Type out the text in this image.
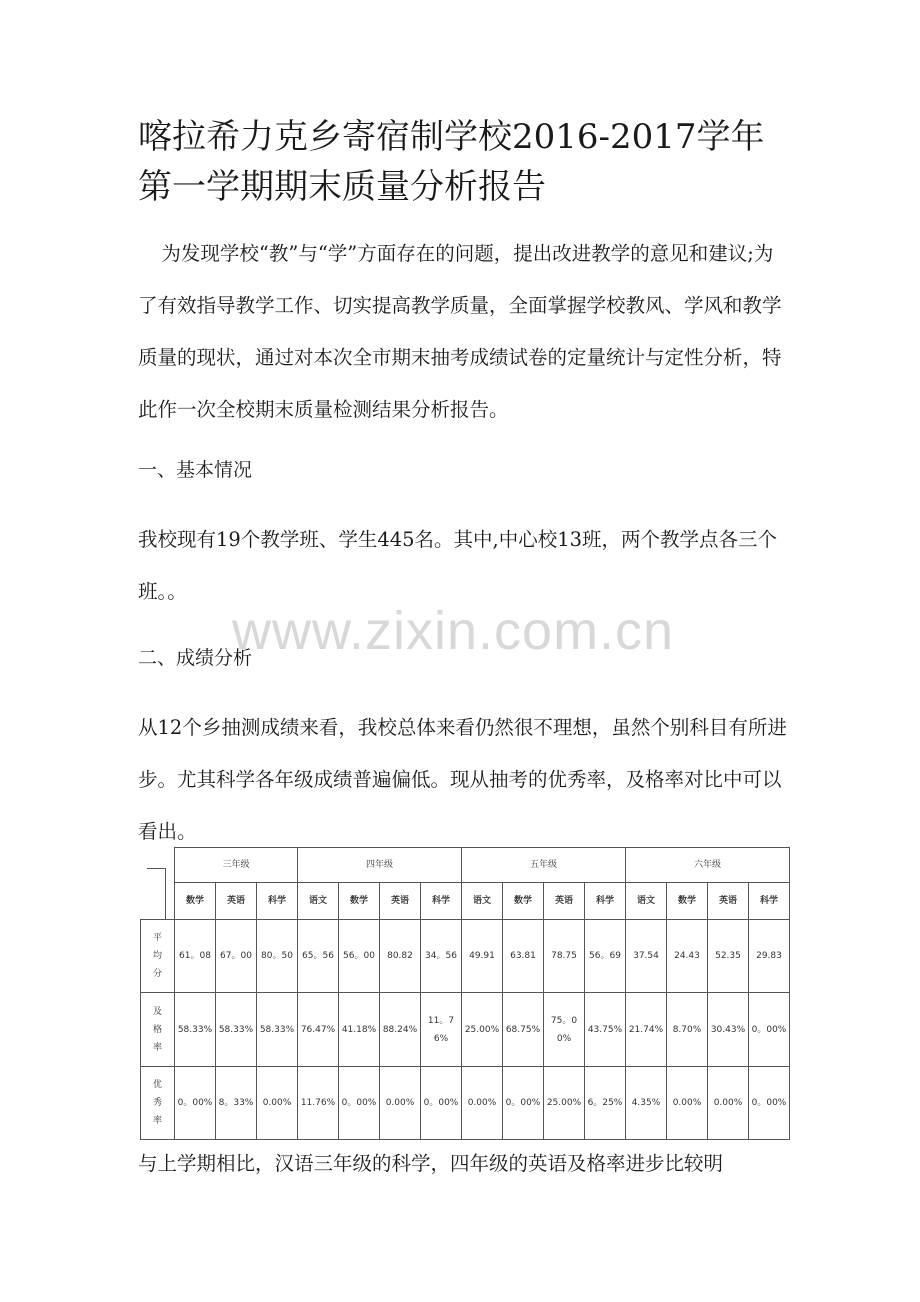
喀拉希力克乡寄宿制学校2016-2017学年
第一学期期末质量分析报告

为发现学校“教”与“学”方面存在的问题，提出改进教学的意见和建议;为了有效指导教学工作、切实提高教学质量，全面掌握学校教风、学风和教学质量的现状，通过对本次全市期末抽考成绩试卷的定量统计与定性分析，特此作一次全校期末质量检测结果分析报告。

一、基本情况

我校现有19个教学班、学生445名。其中,中心校13班，两个教学点各三个班。。

二、成绩分析

从12个乡抽测成绩来看，我校总体来看仍然很不理想，虽然个别科目有所进步。尤其科学各年级成绩普遍偏低。现从抽考的优秀率，及格率对比中可以看出。

www.zixin.com.cn
	三年级			四年级				五年级				六年级			
	数学	英语	科学	语文	数学	英语	科学	语文	数学	英语	科学	语文	数学	英语	科学

平
均
分	61。08	67。00	80。50	65。56	56。00	80.82	34。56	49.91	63.81	78.75	56。69	37.54	24.43	52.35	29.83

及
格
率	58.33%	58.33%	58.33%	76.47%	41.18%	88.24%	11。76%	25.00%	68.75%	75。00%	43.75%	21.74%	8.70%	30.43%	0。00%

优
秀
率	0。00%	8。33%	0.00%	11.76%	0。00%	0.00%	0。00%	0.00%	0。00%	25.00%	6。25%	4.35%	0.00%	0.00%	0。00%

与上学期相比，汉语三年级的科学，四年级的英语及格率进步比较明
